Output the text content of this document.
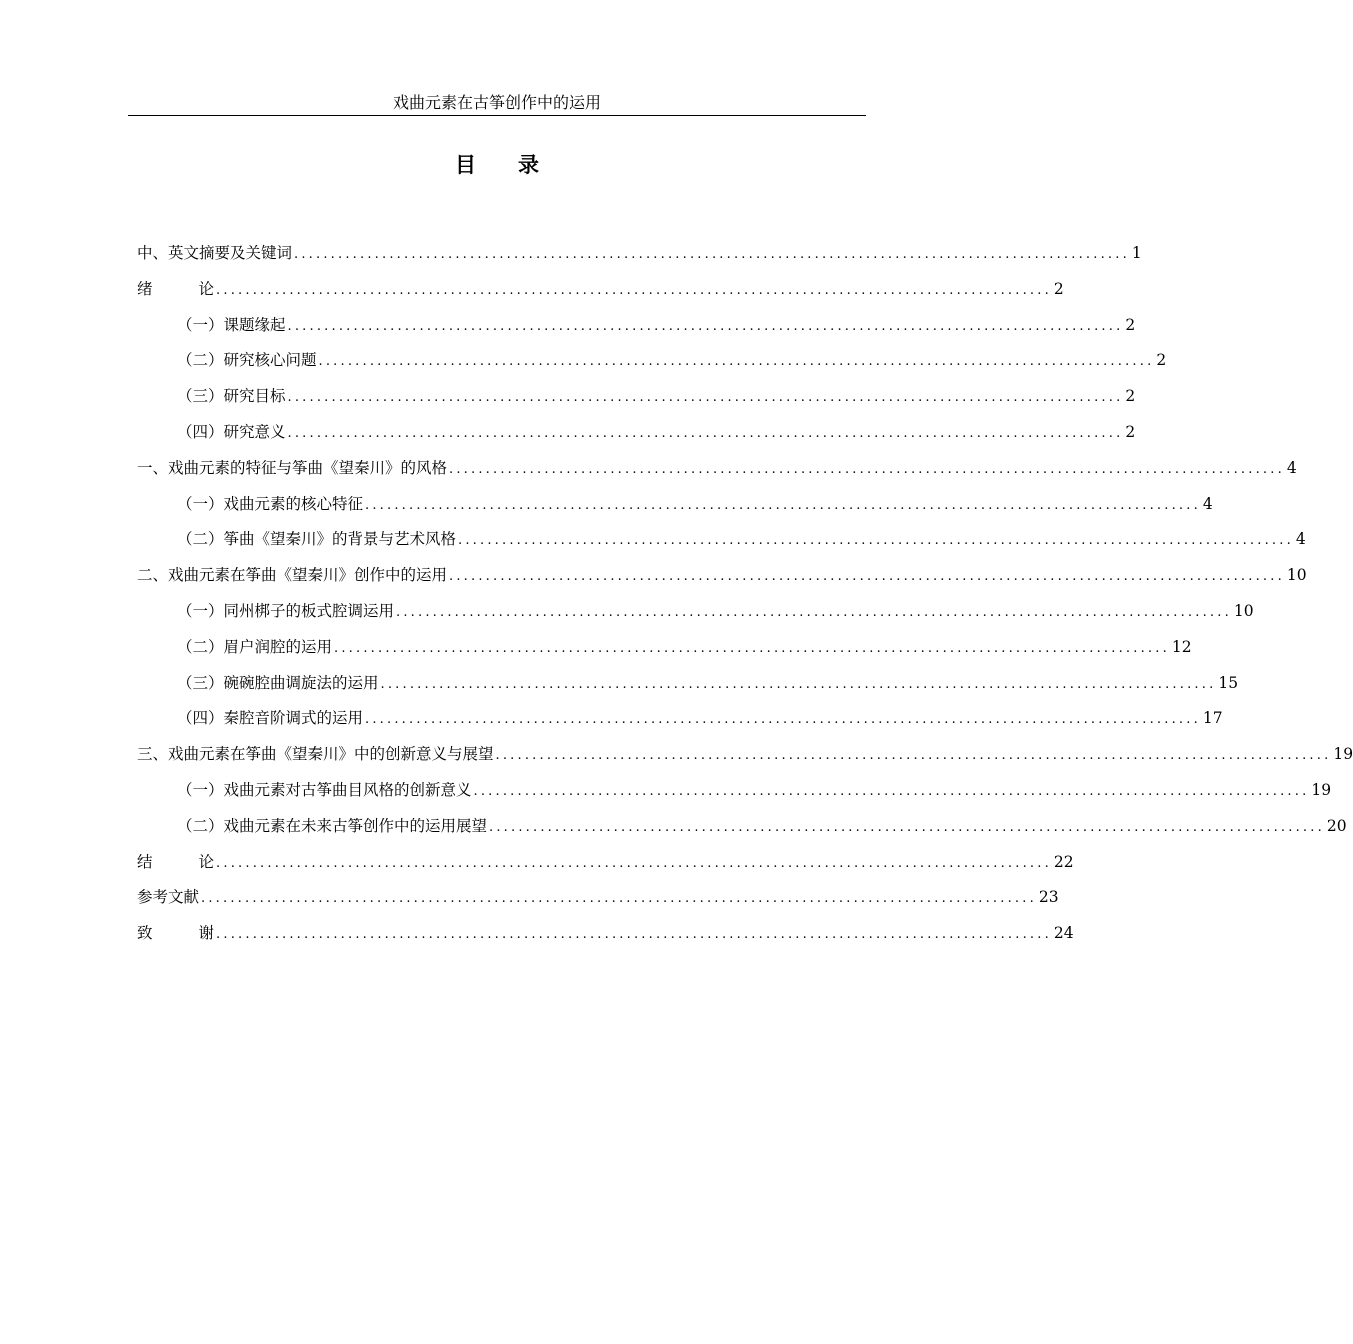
戏曲元素在古筝创作中的运用
目 录
中、英文摘要及关键词 .................................................................................................................. 1
绪	论 .................................................................................................................. 2
（一）课题缘起 .................................................................................................................. 2
（二）研究核心问题 .................................................................................................................. 2
（三）研究目标 .................................................................................................................. 2
（四）研究意义 .................................................................................................................. 2
一、戏曲元素的特征与筝曲《望秦川》的风格 .................................................................................................................. 4
（一）戏曲元素的核心特征 .................................................................................................................. 4
（二）筝曲《望秦川》的背景与艺术风格 .................................................................................................................. 4
二、戏曲元素在筝曲《望秦川》创作中的运用 .................................................................................................................. 10
（一）同州梆子的板式腔调运用 .................................................................................................................. 10
（二）眉户润腔的运用 .................................................................................................................. 12
（三）碗碗腔曲调旋法的运用 .................................................................................................................. 15
（四）秦腔音阶调式的运用 .................................................................................................................. 17
三、戏曲元素在筝曲《望秦川》中的创新意义与展望 .................................................................................................................. 19
（一）戏曲元素对古筝曲目风格的创新意义 .................................................................................................................. 19
（二）戏曲元素在未来古筝创作中的运用展望 .................................................................................................................. 20
结	论 .................................................................................................................. 22
参考文献 .................................................................................................................. 23
致	谢 .................................................................................................................. 24
